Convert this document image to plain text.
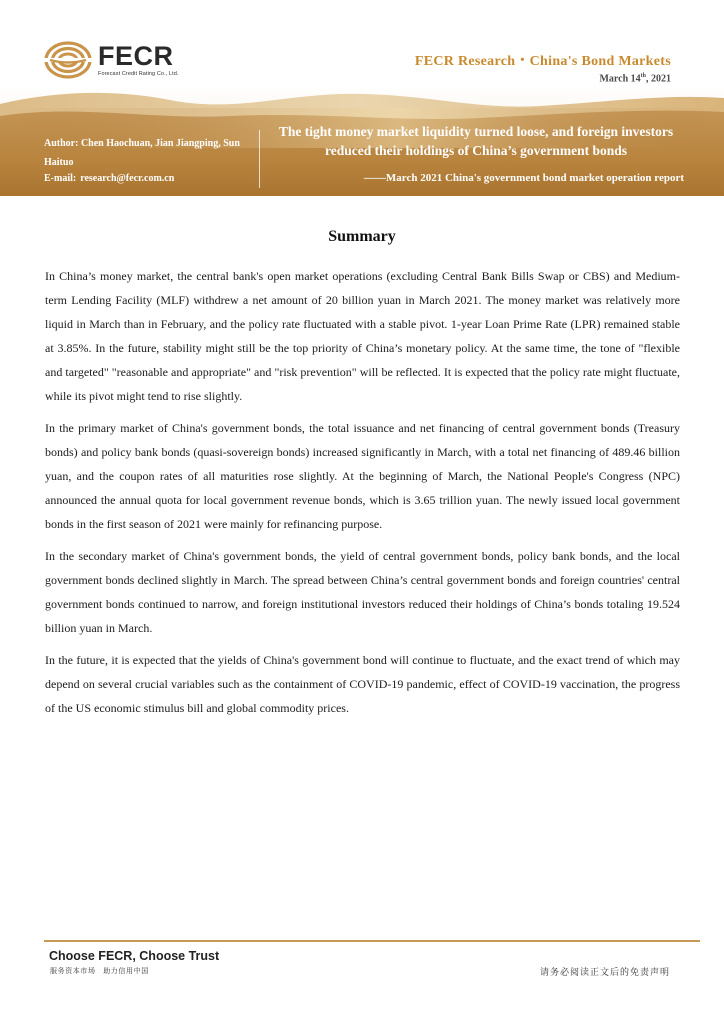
FECR
Forecast Credit Rating Co., Ltd.
FECR Research・China's Bond Markets
March 14th, 2021
Author: Chen Haochuan, Jian Jiangping, Sun Haituo
E-mail: research@fecr.com.cn
The tight money market liquidity turned loose, and foreign investors reduced their holdings of China’s government bonds
——March 2021 China's government bond market operation report
Summary

In China’s money market, the central bank's open market operations (excluding Central Bank Bills Swap or CBS) and Medium-term Lending Facility (MLF) withdrew a net amount of 20 billion yuan in March 2021. The money market was relatively more liquid in March than in February, and the policy rate fluctuated with a stable pivot. 1-year Loan Prime Rate (LPR) remained stable at 3.85%. In the future, stability might still be the top priority of China’s monetary policy. At the same time, the tone of "flexible and targeted" "reasonable and appropriate" and "risk prevention" will be reflected. It is expected that the policy rate might fluctuate, while its pivot might tend to rise slightly.

In the primary market of China's government bonds, the total issuance and net financing of central government bonds (Treasury bonds) and policy bank bonds (quasi-sovereign bonds) increased significantly in March, with a total net financing of 489.46 billion yuan, and the coupon rates of all maturities rose slightly. At the beginning of March, the National People's Congress (NPC) announced the annual quota for local government revenue bonds, which is 3.65 trillion yuan. The newly issued local government bonds in the first season of 2021 were mainly for refinancing purpose.

In the secondary market of China's government bonds, the yield of central government bonds, policy bank bonds, and the local government bonds declined slightly in March. The spread between China’s central government bonds and foreign countries' central government bonds continued to narrow, and foreign institutional investors reduced their holdings of China’s bonds totaling 19.524 billion yuan in March.

In the future, it is expected that the yields of China's government bond will continue to fluctuate, and the exact trend of which may depend on several crucial variables such as the containment of COVID-19 pandemic, effect of COVID-19 vaccination, the progress of the US economic stimulus bill and global commodity prices.

Choose FECR, Choose Trust
服务资本市场　助力信用中国	请务必阅读正文后的免责声明
